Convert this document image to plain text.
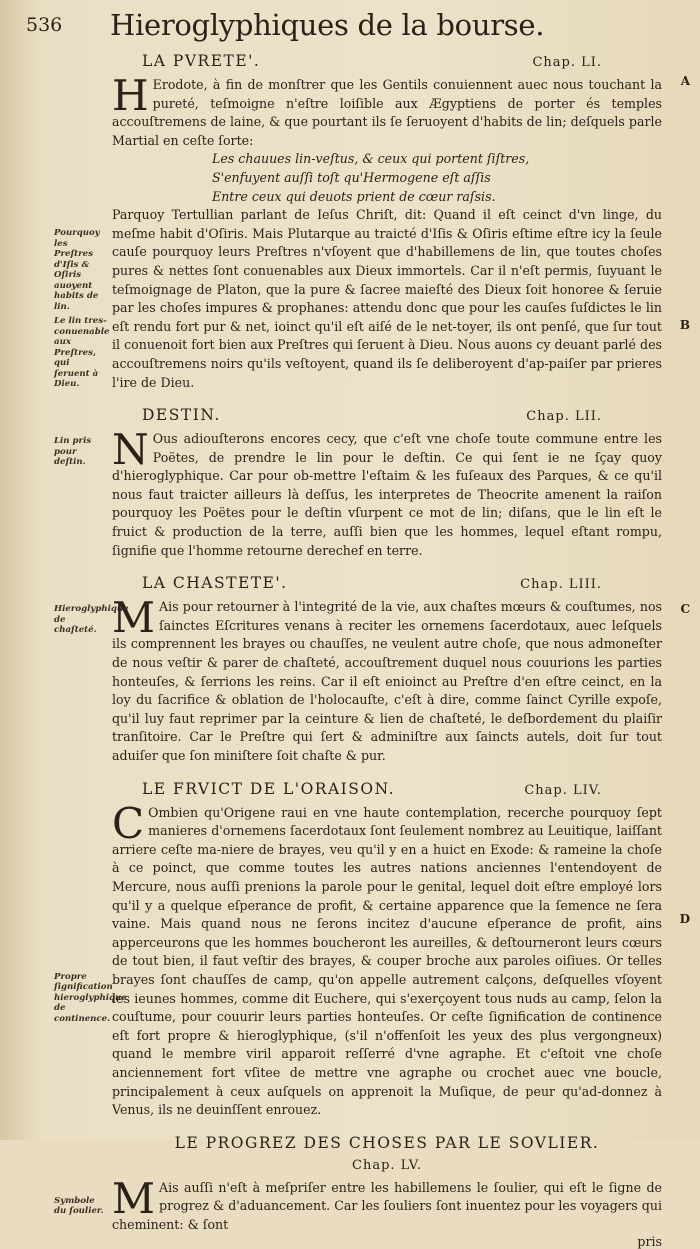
536 Hieroglyphiques de la bourse.
LA PVRETE'.	Chap. LI.
A

H Erodote, à fin de monſtrer que les Gentils conuiennent auec nous touchant la pureté, teſmoigne n'eſtre loiſible aux Ægyptiens de porter és temples accouſtremens de laine, & que pourtant ils ſe ſeruoyent d'habits de lin; deſquels parle Martial en ceſte ſorte:

Les chauues lin-veſtus, & ceux qui portent ſiſtres,

S'enfuyent auſſi toſt qu'Hermogene eſt aſſis

Entre ceux qui deuots prient de cœur raſsis.

Pourquoy les Preſtres d'Iſis & Oſiris auoyent habits de lin.
Le lin tres-conuenable aux Preſtres, qui ſeruent à Dieu.
B

Parquoy Tertullian parlant de Ieſus Chriſt, dit: Quand il eſt ceinct d'vn linge, du meſme habit d'Oſiris. Mais Plutarque au traicté d'Iſis & Oſiris eſtime eſtre icy la ſeule cauſe pourquoy leurs Preſtres n'vſoyent que d'habillemens de lin, que toutes choſes pures & nettes ſont conuenables aux Dieux immortels. Car il n'eſt permis, ſuyuant le teſmoignage de Platon, que la pure & ſacree maieſté des Dieux ſoit honoree & ſeruie par les choſes impures & prophanes: attendu donc que pour les cauſes ſuſdictes le lin eſt rendu fort pur & net, ioinct qu'il eſt aiſé de le net-toyer, ils ont penſé, que ſur tout il conuenoit fort bien aux Preſtres qui ſeruent à Dieu. Nous auons cy deuant parlé des accouſtremens noirs qu'ils veſtoyent, quand ils ſe deliberoyent d'ap-paiſer par prieres l'ire de Dieu.

DESTIN.	Chap. LII.
Lin pris pour deſtin. N Ous adiouſterons encores cecy, que c'eſt vne choſe toute commune entre les Poëtes, de prendre le lin pour le deſtin. Ce qui ſent ie ne ſçay quoy d'hieroglyphique. Car pour ob-mettre l'eſtaim & les fuſeaux des Parques, & ce qu'il nous faut traicter ailleurs là deſſus, les interpretes de Theocrite amenent la raiſon pourquoy les Poëtes pour le deſtin vſurpent ce mot de lin; diſans, que le lin eſt le fruict & production de la terre, auſſi bien que les hommes, lequel eſtant rompu, ſignifie que l'homme retourne derechef en terre.

LA CHASTETE'.	Chap. LIII.
Hieroglyphique de chaſteté.
C

M Ais pour retourner à l'integrité de la vie, aux chaſtes mœurs & couſtumes, nos ſainctes Eſcritures venans à reciter les ornemens ſacerdotaux, auec leſquels ils comprennent les brayes ou chauſſes, ne veulent autre choſe, que nous admoneſter de nous veſtir & parer de chaſteté, accouſtrement duquel nous couurions les parties honteuſes, & ſerrions les reins. Car il eſt enioinct au Preſtre d'en eſtre ceinct, en la loy du ſacrifice & oblation de l'holocauſte, c'eſt à dire, comme ſainct Cyrille expoſe, qu'il luy faut reprimer par la ceinture & lien de chaſteté, le deſbordement du plaiſir tranſitoire. Car le Preſtre qui ſert & adminiſtre aux ſaincts autels, doit ſur tout aduiſer que ſon miniſtere ſoit chaſte & pur.

LE FRVICT DE L'ORAISON.	Chap. LIV.
D
Propre ſignification hieroglyphique de continence.

C Ombien qu'Origene raui en vne haute contemplation, recerche pourquoy ſept manieres d'ornemens ſacerdotaux ſont ſeulement nombrez au Leuitique, laiſſant arriere ceſte ma-niere de brayes, veu qu'il y en a huict en Exode: & rameine la choſe à ce poinct, que comme toutes les autres nations anciennes l'entendoyent de Mercure, nous auſſi prenions la parole pour le genital, lequel doit eſtre employé lors qu'il y a quelque eſperance de profit, & certaine apparence que la ſemence ne ſera vaine. Mais quand nous ne ſerons incitez d'aucune eſperance de profit, ains apperceurons que les hommes boucheront les aureilles, & deſtourneront leurs cœurs de tout bien, il faut veſtir des brayes, & couper broche aux paroles oiſiues. Or telles brayes ſont chauſſes de camp, qu'on appelle autrement calçons, deſquelles vſoyent les ieunes hommes, comme dit Euchere, qui s'exerçoyent tous nuds au camp, ſelon la couſtume, pour couurir leurs parties honteuſes. Or ceſte ſignification de continence eſt fort propre & hieroglyphique, (s'il n'offenſoit les yeux des plus vergongneux) quand le membre viril apparoit reſſerré d'vne agraphe. Et c'eſtoit vne choſe anciennement fort vſitee de mettre vne agraphe ou crochet auec vne boucle, principalement à ceux auſquels on apprenoit la Muſique, de peur qu'ad-donnez à Venus, ils ne deuinſſent enrouez.

LE PROGREZ DES CHOSES PAR LE SOVLIER.
Chap. LV.
Symbole du ſoulier. M Ais auſſi n'eſt à meſpriſer entre les habillemens le ſoulier, qui eſt le ſigne de progrez & d'aduancement. Car les ſouliers ſont inuentez pour les voyagers qui cheminent: & ſont

pris
